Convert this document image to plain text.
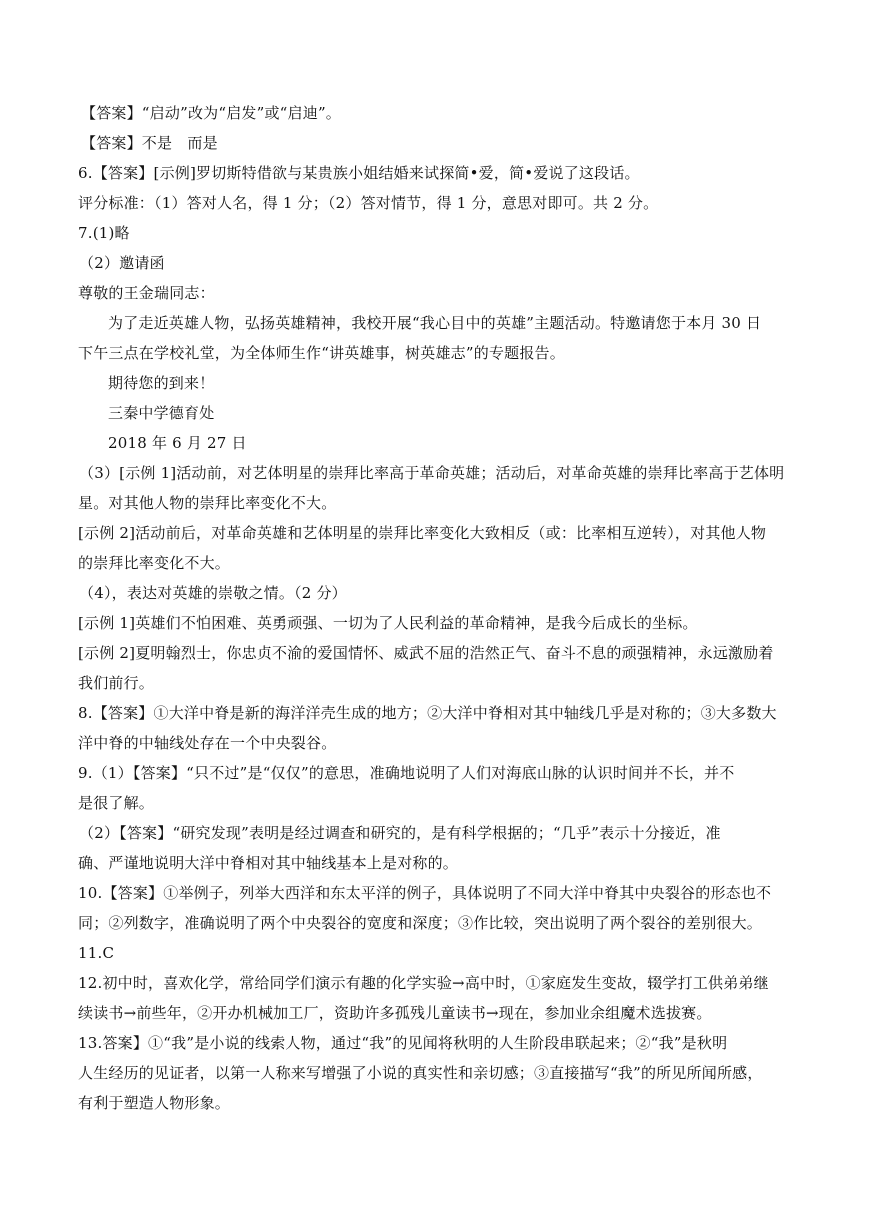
【答案】“启动”改为“启发”或“启迪”。
【答案】不是　而是
6.【答案】[示例]罗切斯特借欲与某贵族小姐结婚来试探简•爱，简•爱说了这段话。
评分标准：（1）答对人名，得 1 分；（2）答对情节，得 1 分，意思对即可。共 2 分。
7.(1)略
（2）邀请函
尊敬的王金瑞同志：
为了走近英雄人物，弘扬英雄精神，我校开展“我心目中的英雄”主题活动。特邀请您于本月 30 日
下午三点在学校礼堂，为全体师生作“讲英雄事，树英雄志”的专题报告。
期待您的到来！
三秦中学德育处
2018 年 6 月 27 日
（3）[示例 1]活动前，对艺体明星的崇拜比率高于革命英雄；活动后，对革命英雄的崇拜比率高于艺体明
星。对其他人物的崇拜比率变化不大。
[示例 2]活动前后，对革命英雄和艺体明星的崇拜比率变化大致相反（或：比率相互逆转），对其他人物
的崇拜比率变化不大。
（4），表达对英雄的崇敬之情。（2 分）
[示例 1]英雄们不怕困难、英勇顽强、一切为了人民利益的革命精神，是我今后成长的坐标。
[示例 2]夏明翰烈士，你忠贞不渝的爱国情怀、威武不屈的浩然正气、奋斗不息的顽强精神，永远激励着
我们前行。
8.【答案】①大洋中脊是新的海洋洋壳生成的地方；②大洋中脊相对其中轴线几乎是对称的；③大多数大
洋中脊的中轴线处存在一个中央裂谷。
9.（1）【答案】“只不过”是“仅仅”的意思，准确地说明了人们对海底山脉的认识时间并不长，并不
是很了解。
（2）【答案】“研究发现”表明是经过调查和研究的，是有科学根据的；“几乎”表示十分接近，准
确、严谨地说明大洋中脊相对其中轴线基本上是对称的。
10.【答案】①举例子，列举大西洋和东太平洋的例子，具体说明了不同大洋中脊其中央裂谷的形态也不
同；②列数字，准确说明了两个中央裂谷的宽度和深度；③作比较，突出说明了两个裂谷的差别很大。
11.C
12.初中时，喜欢化学，常给同学们演示有趣的化学实验→高中时，①家庭发生变故，辍学打工供弟弟继
续读书→前些年，②开办机械加工厂，资助许多孤残儿童读书→现在，参加业余组魔术选拔赛。
13.答案】①“我”是小说的线索人物，通过“我”的见闻将秋明的人生阶段串联起来；②“我”是秋明
人生经历的见证者，以第一人称来写增强了小说的真实性和亲切感；③直接描写“我”的所见所闻所感，
有利于塑造人物形象。
